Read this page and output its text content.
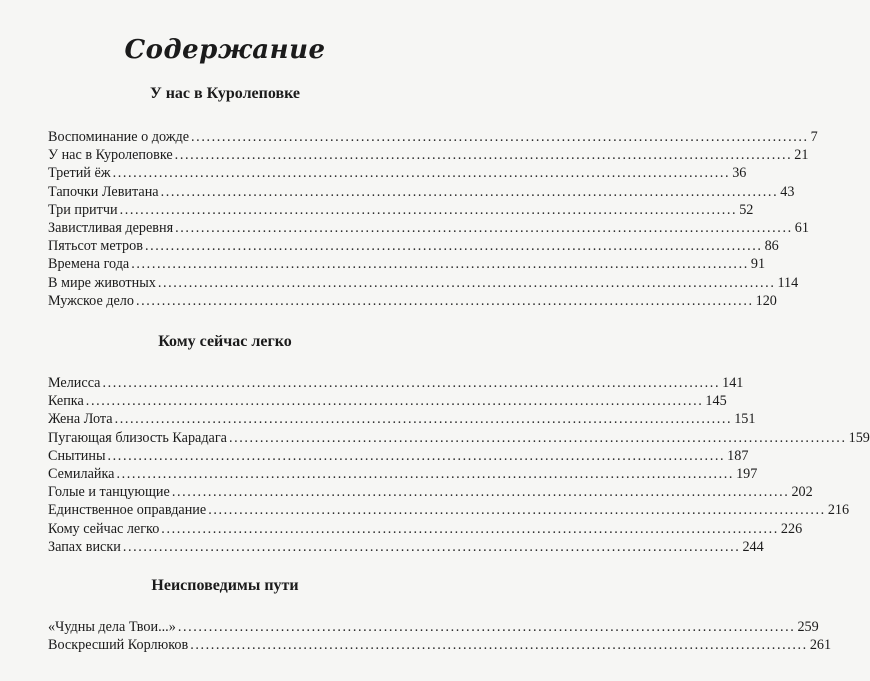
Содержание
У нас в Куролеповке
Воспоминание о дожде ........................................................................................................................ 7
У нас в Куролеповке ........................................................................................................................ 21
Третий ёж ........................................................................................................................ 36
Тапочки Левитана ........................................................................................................................ 43
Три притчи ........................................................................................................................ 52
Завистливая деревня ........................................................................................................................ 61
Пятьсот метров ........................................................................................................................ 86
Времена года ........................................................................................................................ 91
В мире животных ........................................................................................................................ 114
Мужское дело ........................................................................................................................ 120
Кому сейчас легко
Мелисса ........................................................................................................................ 141
Кепка ........................................................................................................................ 145
Жена Лота ........................................................................................................................ 151
Пугающая близость Карадага ........................................................................................................................ 159
Снытины ........................................................................................................................ 187
Семилайка ........................................................................................................................ 197
Голые и танцующие ........................................................................................................................ 202
Единственное оправдание ........................................................................................................................ 216
Кому сейчас легко ........................................................................................................................ 226
Запах виски ........................................................................................................................ 244
Неисповедимы пути
«Чудны дела Твои...» ........................................................................................................................ 259
Воскресший Корлюков ........................................................................................................................ 261
